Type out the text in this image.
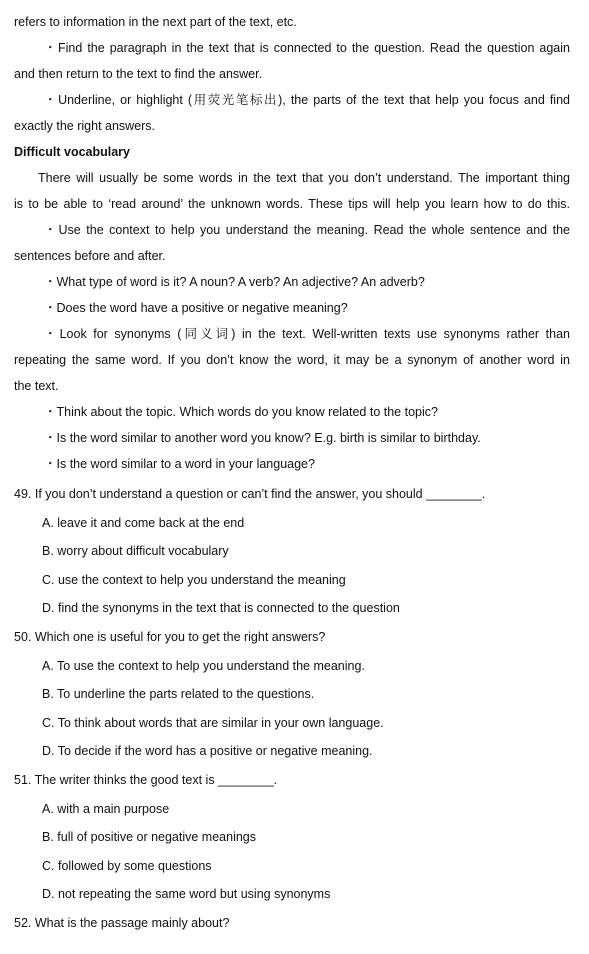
refers to information in the next part of the text, etc.
・Find the paragraph in the text that is connected to the question. Read the question again
and then return to the text to find the answer.
・Underline, or highlight (用荧光笔标出), the parts of the text that help you focus and find
exactly the right answers.
Difficult vocabulary
There will usually be some words in the text that you don’t understand. The important thing
is to be able to ‘read around’ the unknown words. These tips will help you learn how to do this.
・Use the context to help you understand the meaning. Read the whole sentence and the
sentences before and after.
・What type of word is it? A noun? A verb? An adjective? An adverb?
・Does the word have a positive or negative meaning?
・Look for synonyms (同义词) in the text. Well-written texts use synonyms rather than
repeating the same word. If you don’t know the word, it may be a synonym of another word in
the text.
・Think about the topic. Which words do you know related to the topic?
・Is the word similar to another word you know? E.g. birth is similar to birthday.
・Is the word similar to a word in your language?
49. If you don’t understand a question or can’t find the answer, you should ________.
A. leave it and come back at the end
B. worry about difficult vocabulary
C. use the context to help you understand the meaning
D. find the synonyms in the text that is connected to the question
50. Which one is useful for you to get the right answers?
A. To use the context to help you understand the meaning.
B. To underline the parts related to the questions.
C. To think about words that are similar in your own language.
D. To decide if the word has a positive or negative meaning.
51. The writer thinks the good text is ________.
A. with a main purpose
B. full of positive or negative meanings
C. followed by some questions
D. not repeating the same word but using synonyms
52. What is the passage mainly about?
